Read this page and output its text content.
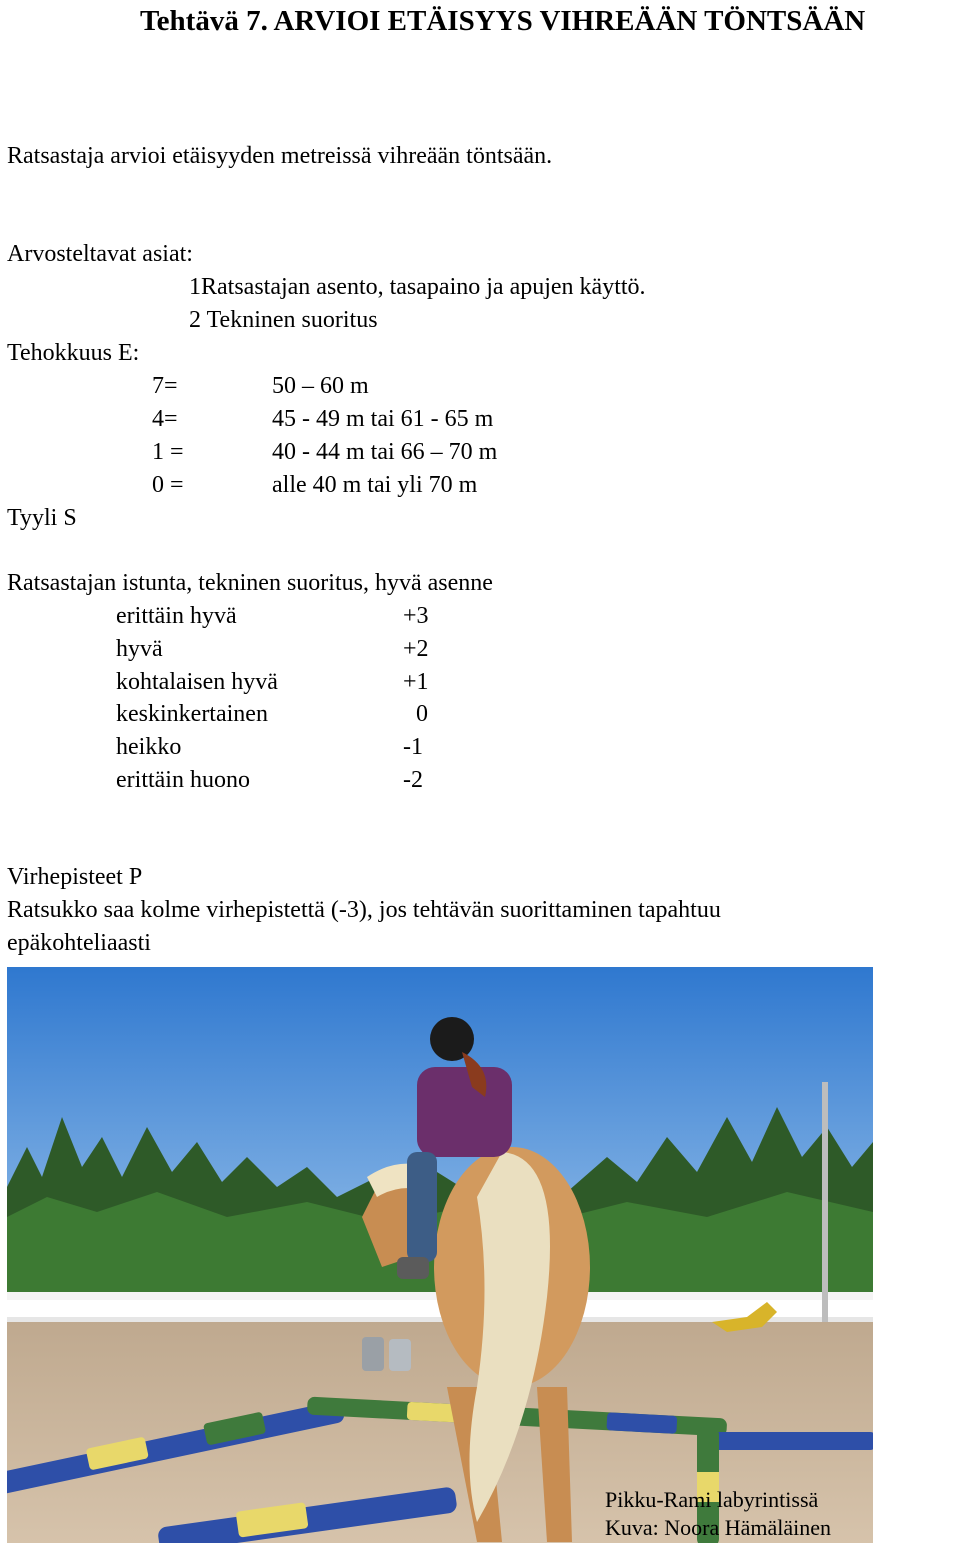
Tehtävä 7. ARVIOI ETÄISYYS VIHREÄÄN TÖNTSÄÄN
Ratsastaja arvioi etäisyyden metreissä vihreään töntsään.
Arvosteltavat asiat:
1Ratsastajan asento, tasapaino ja apujen käyttö.
2 Tekninen suoritus
Tehokkuus E:
7=	50 – 60 m
4=	45 - 49 m tai 61 - 65 m
1 =	40 - 44 m tai 66 – 70 m
0 =	alle 40 m tai yli 70 m
Tyyli S
Ratsastajan istunta, tekninen suoritus, hyvä asenne
erittäin hyvä	+3
hyvä	+2
kohtalaisen hyvä	+1
keskinkertainen	0
heikko	-1
erittäin huono	-2
Virhepisteet P
Ratsukko saa kolme virhepistettä (-3), jos tehtävän suorittaminen tapahtuu
epäkohteliaasti
Pikku-Rami labyrintissä
Kuva: Noora Hämäläinen
